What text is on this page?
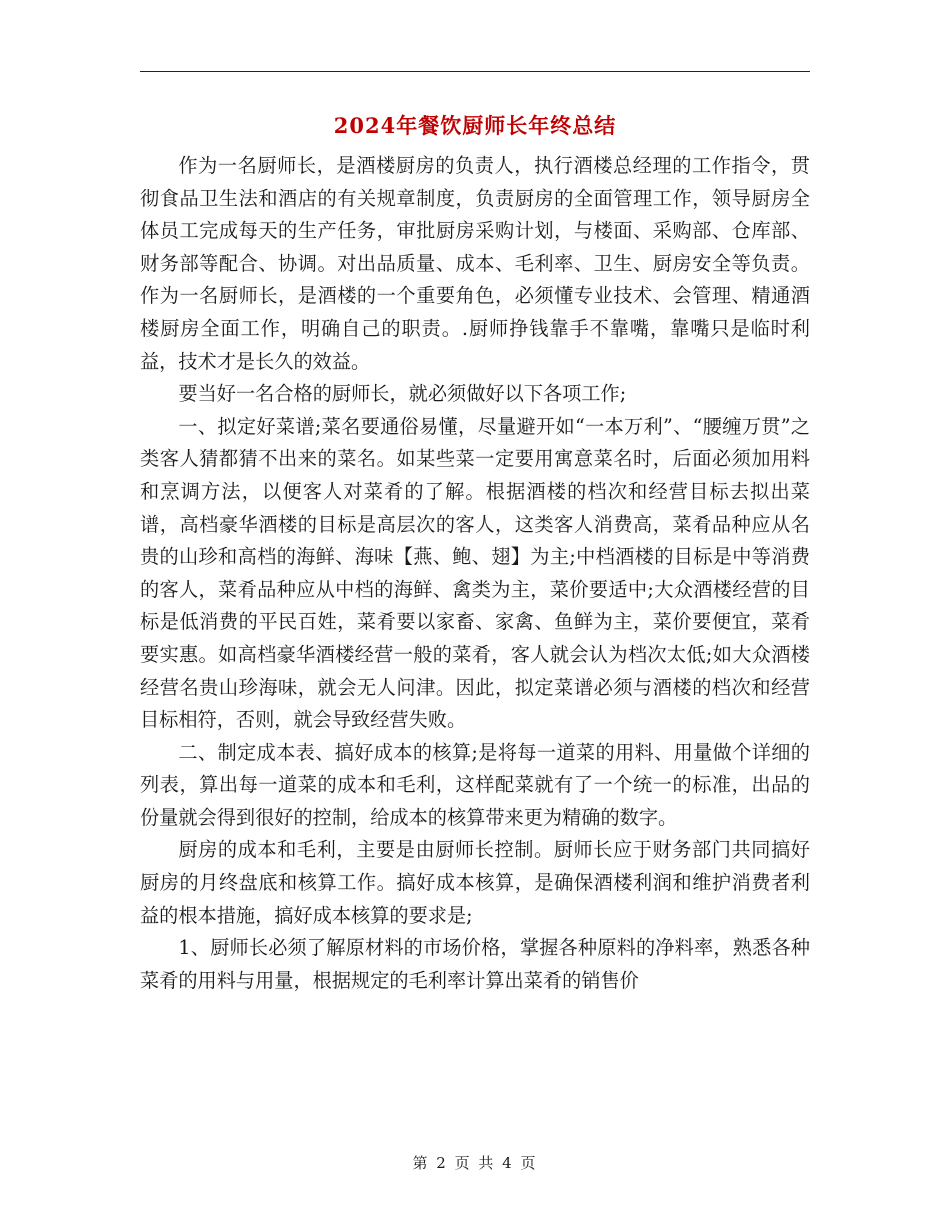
2024年餐饮厨师长年终总结

作为一名厨师长，是酒楼厨房的负责人，执行酒楼总经理的工作指令，贯彻食品卫生法和酒店的有关规章制度，负责厨房的全面管理工作，领导厨房全体员工完成每天的生产任务，审批厨房采购计划，与楼面、采购部、仓库部、财务部等配合、协调。对出品质量、成本、毛利率、卫生、厨房安全等负责。作为一名厨师长，是酒楼的一个重要角色，必须懂专业技术、会管理、精通酒楼厨房全面工作，明确自己的职责。.厨师挣钱靠手不靠嘴，靠嘴只是临时利益，技术才是长久的效益。

要当好一名合格的厨师长，就必须做好以下各项工作;

一、拟定好菜谱;菜名要通俗易懂，尽量避开如“一本万利”、“腰缠万贯”之类客人猜都猜不出来的菜名。如某些菜一定要用寓意菜名时，后面必须加用料和烹调方法，以便客人对菜肴的了解。根据酒楼的档次和经营目标去拟出菜谱，高档豪华酒楼的目标是高层次的客人，这类客人消费高，菜肴品种应从名贵的山珍和高档的海鲜、海味【燕、鲍、翅】为主;中档酒楼的目标是中等消费的客人，菜肴品种应从中档的海鲜、禽类为主，菜价要适中;大众酒楼经营的目标是低消费的平民百姓，菜肴要以家畜、家禽、鱼鲜为主，菜价要便宜，菜肴要实惠。如高档豪华酒楼经营一般的菜肴，客人就会认为档次太低;如大众酒楼经营名贵山珍海味，就会无人问津。因此，拟定菜谱必须与酒楼的档次和经营目标相符，否则，就会导致经营失败。

二、制定成本表、搞好成本的核算;是将每一道菜的用料、用量做个详细的列表，算出每一道菜的成本和毛利，这样配菜就有了一个统一的标准，出品的份量就会得到很好的控制，给成本的核算带来更为精确的数字。

厨房的成本和毛利，主要是由厨师长控制。厨师长应于财务部门共同搞好厨房的月终盘底和核算工作。搞好成本核算，是确保酒楼利润和维护消费者利益的根本措施，搞好成本核算的要求是;

1、厨师长必须了解原材料的市场价格，掌握各种原料的净料率，熟悉各种菜肴的用料与用量，根据规定的毛利率计算出菜肴的销售价

第 2 页 共 4 页
